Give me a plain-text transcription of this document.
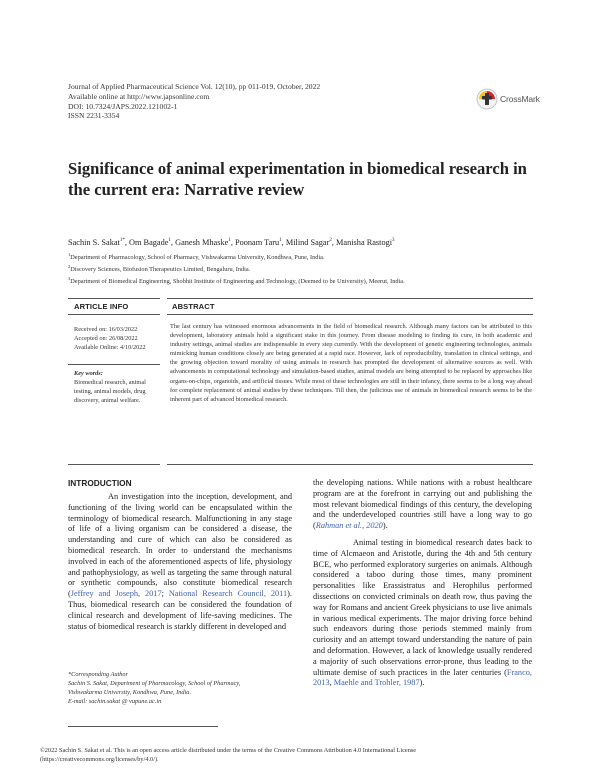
Journal of Applied Pharmaceutical Science Vol. 12(10), pp 011-019, October, 2022
Available online at http://www.japsonline.com
DOI: 10.7324/JAPS.2022.121002-1
ISSN 2231-3354
CrossMark
Significance of animal experimentation in biomedical research in the current era: Narrative review
Sachin S. Sakat$^{1*}$, Om Bagade$^1$, Ganesh Mhaske$^1$, Poonam Taru$^1$, Milind Sagar$^2$, Manisha Rastogi$^3$
$^1$Department of Pharmacology, School of Pharmacy, Vishwakarma University, Kondhwa, Pune, India.
$^2$Discovery Sciences, Biofusion Therapeutics Limited, Bengaluru, India.
$^3$Department of Biomedical Engineering, Shobhit Institute of Engineering and Technology, (Deemed to be University), Meerut, India.
ARTICLE INFO	ABSTRACT
Received on: 16/03/2022
Accepted on: 26/08/2022
Available Online: 4/10/2022
Key words:
Biomedical research, animal
testing, animal models, drug
discovery, animal welfare.
The last century has witnessed enormous advancements in the field of biomedical research. Although many factors can be attributed to this development, laboratory animals hold a significant stake in this journey. From disease modeling to finding its cure, in both academic and industry settings, animal studies are indispensable in every step currently. With the development of genetic engineering technologies, animals mimicking human conditions closely are being generated at a rapid race. However, lack of reproducibility, translation in clinical settings, and the growing objection toward morality of using animals in research has prompted the development of alternative sources as well. With advancements in computational technology and simulation-based studies, animal models are being attempted to be replaced by approaches like organs-on-chips, organoids, and artificial tissues. While most of these technologies are still in their infancy, there seems to be a long way ahead for complete replacement of animal studies by these techniques. Till then, the judicious use of animals in biomedical research seems to be the inherent part of advanced biomedical research.
INTRODUCTION

An investigation into the inception, development, and functioning of the living world can be encapsulated within the terminology of biomedical research. Malfunctioning in any stage of life of a living organism can be considered a disease, the understanding and cure of which can also be considered as biomedical research. In order to understand the mechanisms involved in each of the aforementioned aspects of life, physiology and pathophysiology, as well as targeting the same through natural or synthetic compounds, also constitute biomedical research (Jeffrey and Joseph, 2017; National Research Council, 2011). Thus, biomedical research can be considered the foundation of clinical research and development of life-saving medicines. The status of biomedical research is starkly different in developed and

the developing nations. While nations with a robust healthcare program are at the forefront in carrying out and publishing the most relevant biomedical findings of this century, the developing and the underdeveloped countries still have a long way to go (Rahman et al., 2020).

Animal testing in biomedical research dates back to time of Alcmaeon and Aristotle, during the 4th and 5th century BCE, who performed exploratory surgeries on animals. Although considered a taboo during those times, many prominent personalities like Erassistratus and Herophilus performed dissections on convicted criminals on death row, thus paving the way for Romans and ancient Greek physicians to use live animals in various medical experiments. The major driving force behind such endeavors during those periods stemmed mainly from curiosity and an attempt toward understanding the nature of pain and deformation. However, a lack of knowledge usually rendered a majority of such observations error-prone, thus leading to the ultimate demise of such practices in the later centuries (Franco, 2013, Maehle and Trohler, 1987).

*Corresponding Author
Sachin S. Sakat, Department of Pharmacology, School of Pharmacy,
Vishwakarma University, Kondhwa, Pune, India.
E-mail: sachin.sakat @ vupune.ac.in
©2022 Sachin S. Sakat et al. This is an open access article distributed under the terms of the Creative Commons Attribution 4.0 International License
(https://creativecommons.org/licenses/by/4.0/).
